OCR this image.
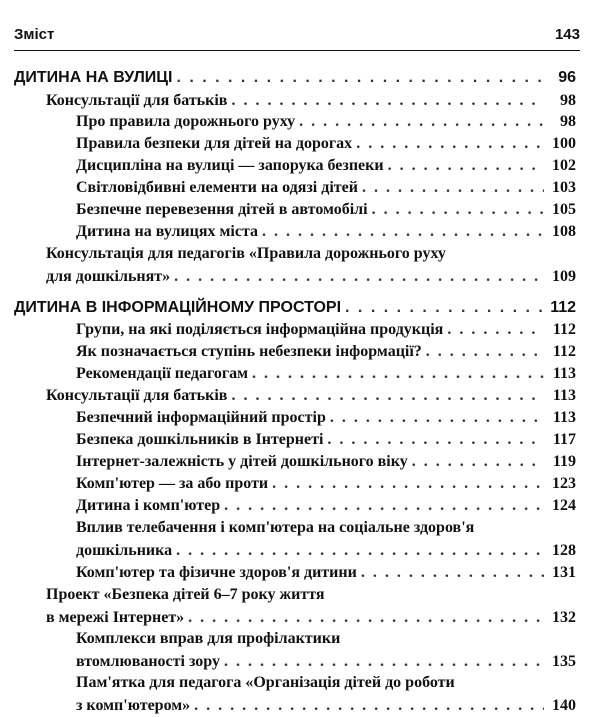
Зміст	143
ДИТИНА НА ВУЛИЦІ . . .	96
Консультації для батьків . . .	98
Про правила дорожнього руху . . .	98
Правила безпеки для дітей на дорогах . . .	100
Дисципліна на вулиці — запорука безпеки . . .	102
Світловідбивні елементи на одязі дітей . . .	103
Безпечне перевезення дітей в автомобілі . . .	105
Дитина на вулицях міста . . .	108
Консультація для педагогів «Правила дорожнього руху
для дошкільнят» . . .	109
ДИТИНА В ІНФОРМАЦІЙНОМУ ПРОСТОРІ . . .	112
Групи, на які поділяється інформаційна продукція . . .	112
Як позначається ступінь небезпеки інформації? . . .	112
Рекомендації педагогам . . .	113
Консультації для батьків . . .	113
Безпечний інформаційний простір . . .	113
Безпека дошкільників в Інтернеті . . .	117
Інтернет-залежність у дітей дошкільного віку . . .	119
Комп'ютер — за або проти . . .	123
Дитина і комп'ютер . . .	124
Вплив телебачення і комп'ютера на соціальне здоров'я
дошкільника . . .	128
Комп'ютер та фізичне здоров'я дитини . . .	131
Проект «Безпека дітей 6–7 року життя
в мережі Інтернет» . . .	132
Комплекси вправ для профілактики
втомлюваності зору . . .	135
Пам'ятка для педагога «Організація дітей до роботи
з комп'ютером» . . .	140
